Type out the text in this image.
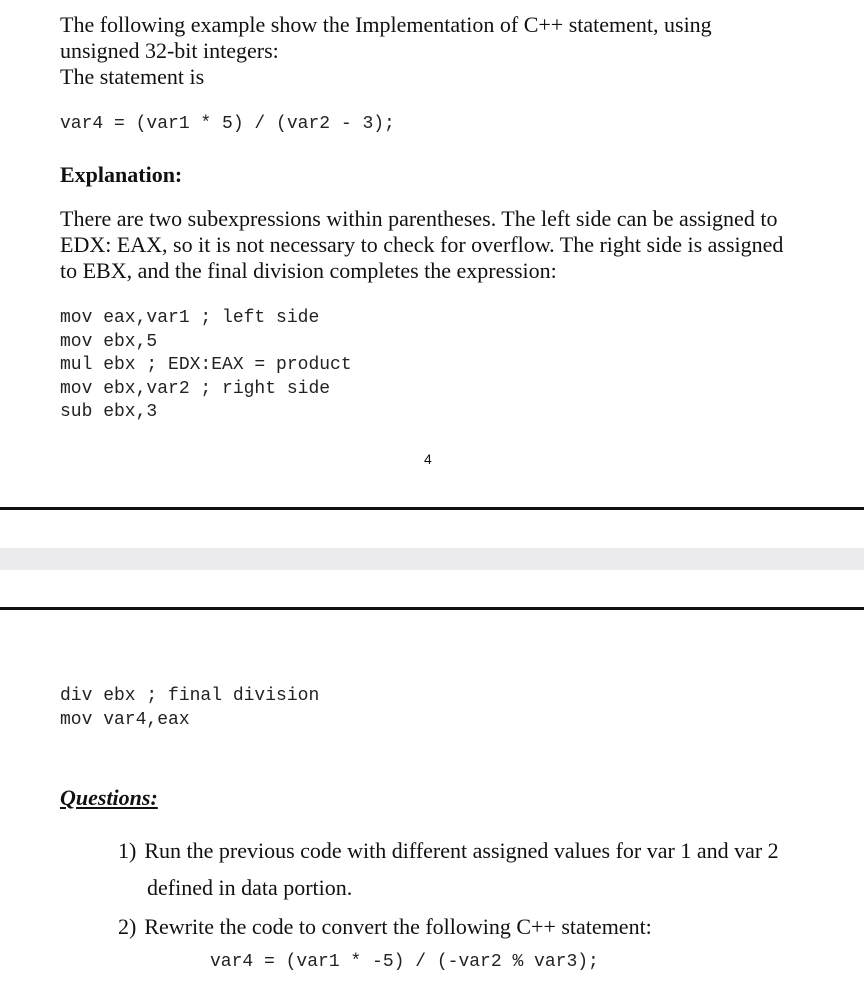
The following example show the Implementation of C++ statement, using
unsigned 32-bit integers:
The statement is
var4 = (var1 * 5) / (var2 - 3);
Explanation:
There are two subexpressions within parentheses. The left side can be assigned to
EDX: EAX, so it is not necessary to check for overflow. The right side is assigned
to EBX, and the final division completes the expression:
mov eax,var1 ; left side
mov ebx,5
mul ebx ; EDX:EAX = product
mov ebx,var2 ; right side
sub ebx,3
4
div ebx ; final division
mov var4,eax
Questions:
1) Run the previous code with different assigned values for var 1 and var 2
defined in data portion.
2) Rewrite the code to convert the following C++ statement:
var4 = (var1 * -5) / (-var2 % var3);
